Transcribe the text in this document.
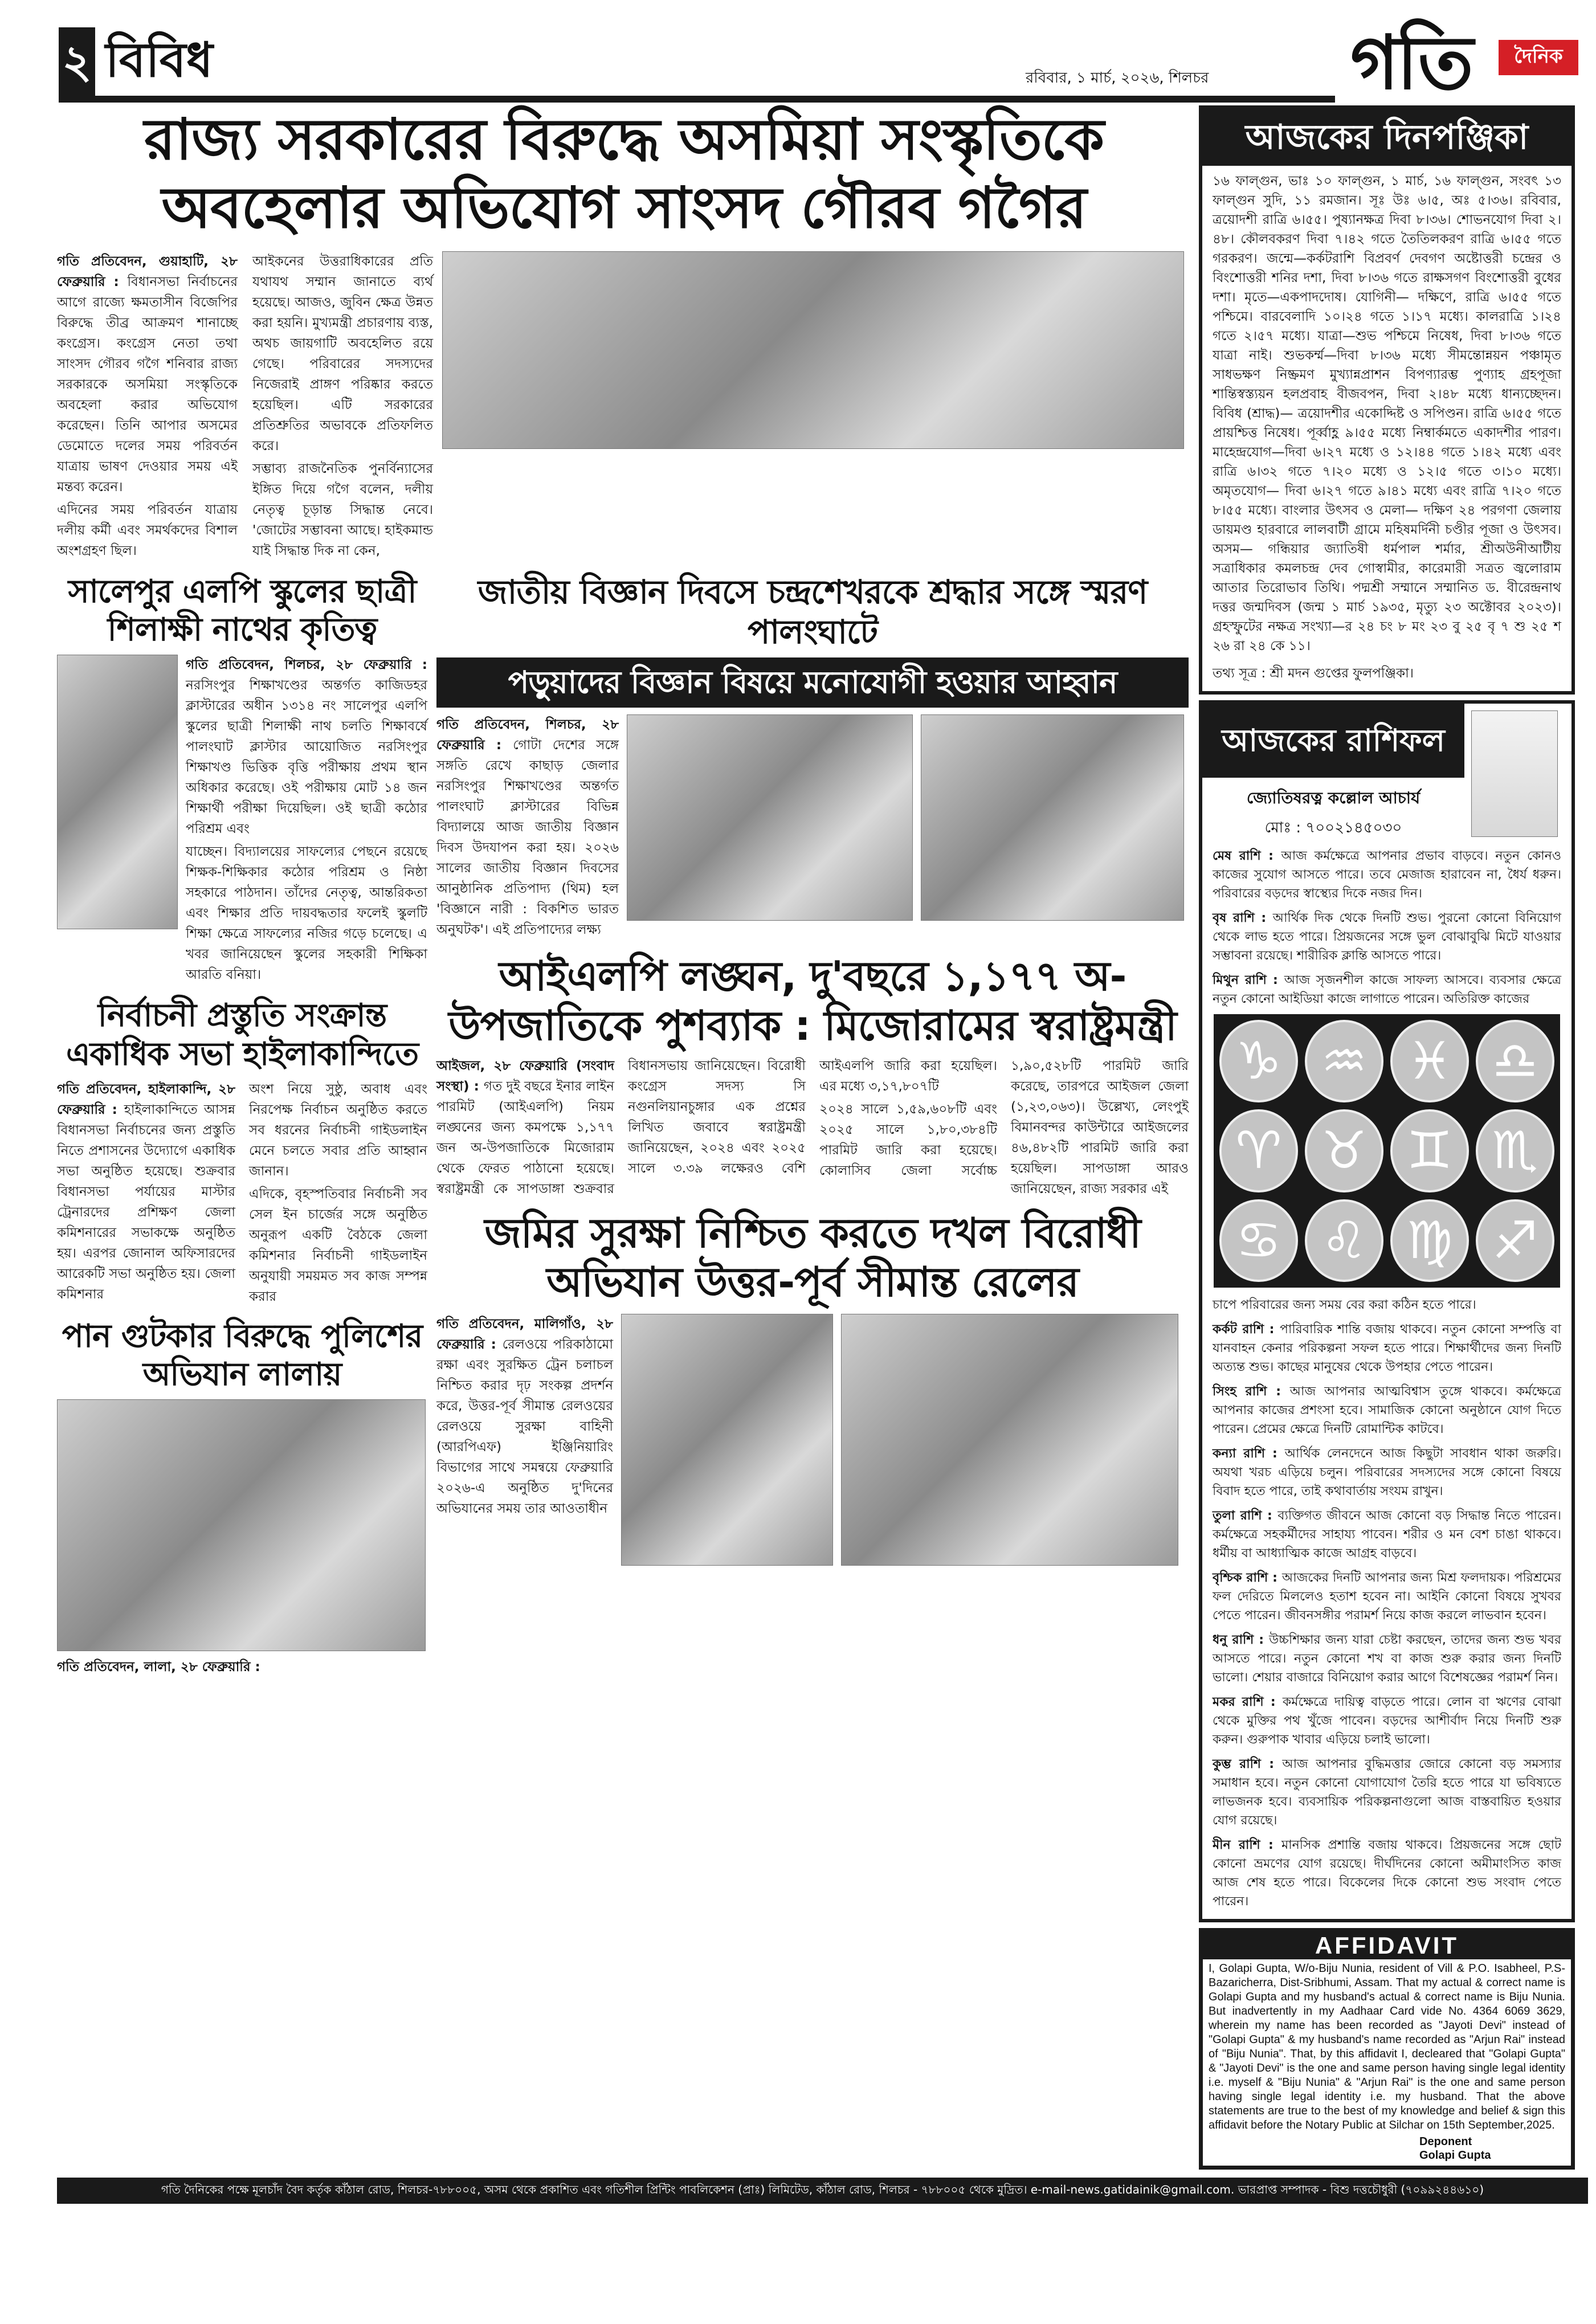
২ বিবিধ	রবিবার, ১ মার্চ, ২০২৬, শিলচর গতি	দৈনিক
রাজ্য সরকারের বিরুদ্ধে অসমিয়া সংস্কৃতিকে
অবহেলার অভিযোগ সাংসদ গৌরব গগৈর

গতি প্রতিবেদন, গুয়াহাটি, ২৮ ফেব্রুয়ারি : বিধানসভা নির্বাচনের আগে রাজ্যে ক্ষমতাসীন বিজেপির বিরুদ্ধে তীব্র আক্রমণ শানাচ্ছে কংগ্রেস। কংগ্রেস নেতা তথা সাংসদ গৌরব গগৈ শনিবার রাজ্য সরকারকে অসমিয়া সংস্কৃতিকে অবহেলা করার অভিযোগ করেছেন। তিনি আপার অসমের ডেমোতে দলের সময় পরিবর্তন যাত্রায় ভাষণ দেওয়ার সময় এই মন্তব্য করেন।

এদিনের সময় পরিবর্তন যাত্রায় দলীয় কর্মী এবং সমর্থকদের বিশাল অংশগ্রহণ ছিল।

আইকনের উত্তরাধিকারের প্রতি যথাযথ সম্মান জানাতে ব্যর্থ হয়েছে। আজও, জুবিন ক্ষেত্র উন্নত করা হয়নি। মুখ্যমন্ত্রী প্রচারণায় ব্যস্ত, অথচ জায়গাটি অবহেলিত রয়ে গেছে। পরিবারের সদস্যদের নিজেরাই প্রাঙ্গণ পরিষ্কার করতে হয়েছিল। এটি সরকারের প্রতিশ্রুতির অভাবকে প্রতিফলিত করে।

সম্ভাব্য রাজনৈতিক পুনর্বিন্যাসের ইঙ্গিত দিয়ে গগৈ বলেন, দলীয় নেতৃত্ব চূড়ান্ত সিদ্ধান্ত নেবে। 'জোটের সম্ভাবনা আছে। হাইকমান্ড যাই সিদ্ধান্ত দিক না কেন,

সালেপুর এলপি স্কুলের ছাত্রী শিলাক্ষী নাথের কৃতিত্ব

গতি প্রতিবেদন, শিলচর, ২৮ ফেব্রুয়ারি : নরসিংপুর শিক্ষাখণ্ডের অন্তর্গত কাজিডহর ক্লাস্টারের অধীন ১৩১৪ নং সালেপুর এলপি স্কুলের ছাত্রী শিলাক্ষী নাথ চলতি শিক্ষাবর্ষে পালংঘাট ক্লাস্টার আয়োজিত নরসিংপুর শিক্ষাখণ্ড ভিত্তিক বৃত্তি পরীক্ষায় প্রথম স্থান অধিকার করেছে। ওই পরীক্ষায় মোট ১৪ জন শিক্ষার্থী পরীক্ষা দিয়েছিল। ওই ছাত্রী কঠোর পরিশ্রম এবং

যাচ্ছেন। বিদ্যালয়ের সাফল্যের পেছনে রয়েছে শিক্ষক-শিক্ষিকার কঠোর পরিশ্রম ও নিষ্ঠা সহকারে পাঠদান। তাঁদের নেতৃত্ব, আন্তরিকতা এবং শিক্ষার প্রতি দায়বদ্ধতার ফলেই স্কুলটি শিক্ষা ক্ষেত্রে সাফল্যের নজির গড়ে চলেছে। এ খবর জানিয়েছেন স্কুলের সহকারী শিক্ষিকা আরতি বনিয়া।

নির্বাচনী প্রস্তুতি সংক্রান্ত একাধিক সভা হাইলাকান্দিতে

গতি প্রতিবেদন, হাইলাকান্দি, ২৮ ফেব্রুয়ারি : হাইলাকান্দিতে আসন্ন বিধানসভা নির্বাচনের জন্য প্রস্তুতি নিতে প্রশাসনের উদ্যোগে একাধিক সভা অনুষ্ঠিত হয়েছে। শুক্রবার বিধানসভা পর্যায়ের মাস্টার ট্রেনারদের প্রশিক্ষণ জেলা কমিশনারের সভাকক্ষে অনুষ্ঠিত হয়। এরপর জোনাল অফিসারদের আরেকটি সভা অনুষ্ঠিত হয়। জেলা কমিশনার

অংশ নিয়ে সুষ্ঠু, অবাধ এবং নিরপেক্ষ নির্বাচন অনুষ্ঠিত করতে সব ধরনের নির্বাচনী গাইডলাইন মেনে চলতে সবার প্রতি আহ্বান জানান।

এদিকে, বৃহস্পতিবার নির্বাচনী সব সেল ইন চার্জের সঙ্গে অনুষ্ঠিত অনুরূপ একটি বৈঠকে জেলা কমিশনার নির্বাচনী গাইডলাইন অনুযায়ী সময়মত সব কাজ সম্পন্ন করার

পান গুটকার বিরুদ্ধে পুলিশের অভিযান লালায়
গতি প্রতিবেদন, লালা, ২৮ ফেব্রুয়ারি :
জাতীয় বিজ্ঞান দিবসে চন্দ্রশেখরকে শ্রদ্ধার সঙ্গে স্মরণ পালংঘাটে
পড়ুয়াদের বিজ্ঞান বিষয়ে মনোযোগী হওয়ার আহ্বান

গতি প্রতিবেদন, শিলচর, ২৮ ফেব্রুয়ারি : গোটা দেশের সঙ্গে সঙ্গতি রেখে কাছাড় জেলার নরসিংপুর শিক্ষাখণ্ডের অন্তর্গত পালংঘাট ক্লাস্টারের বিভিন্ন বিদ্যালয়ে আজ জাতীয় বিজ্ঞান দিবস উদযাপন করা হয়। ২০২৬ সালের জাতীয় বিজ্ঞান দিবসের আনুষ্ঠানিক প্রতিপাদ্য (থিম) হল 'বিজ্ঞানে নারী : বিকশিত ভারত অনুঘটক'। এই প্রতিপাদ্যের লক্ষ্য

আইএলপি লঙ্ঘন, দু'বছরে ১,১৭৭ অ-
উপজাতিকে পুশব্যাক : মিজোরামের স্বরাষ্ট্রমন্ত্রী

আইজল, ২৮ ফেব্রুয়ারি (সংবাদ সংস্থা) : গত দুই বছরে ইনার লাইন পারমিট (আইএলপি) নিয়ম লঙ্ঘনের জন্য কমপক্ষে ১,১৭৭ জন অ-উপজাতিকে মিজোরাম থেকে ফেরত পাঠানো হয়েছে। স্বরাষ্ট্রমন্ত্রী কে সাপডাঙ্গা শুক্রবার বিধানসভায় জানিয়েছেন। বিরোধী কংগ্রেস সদস্য সি নগুনলিয়ানচুঙ্গার এক প্রশ্নের লিখিত জবাবে স্বরাষ্ট্রমন্ত্রী জানিয়েছেন, ২০২৪ এবং ২০২৫ সালে ৩.৩৯ লক্ষেরও বেশি আইএলপি জারি করা হয়েছিল। এর মধ্যে ৩,১৭,৮০৭টি

২০২৪ সালে ১,৫৯,৬০৮টি এবং ২০২৫ সালে ১,৮০,৩৮৪টি পারমিট জারি করা হয়েছে। কোলাসিব জেলা সর্বোচ্চ ১,৯০,৫২৮টি পারমিট জারি করেছে, তারপরে আইজল জেলা (১,২৩,০৬৩)। উল্লেখ্য, লেংপুই বিমানবন্দর কাউন্টারে আইজলের ৪৬,৪৮২টি পারমিট জারি করা হয়েছিল। সাপডাঙ্গা আরও জানিয়েছেন, রাজ্য সরকার এই

জমির সুরক্ষা নিশ্চিত করতে দখল বিরোধী
অভিযান উত্তর-পূর্ব সীমান্ত রেলের

গতি প্রতিবেদন, মালিগাঁও, ২৮ ফেব্রুয়ারি : রেলওয়ে পরিকাঠামো রক্ষা এবং সুরক্ষিত ট্রেন চলাচল নিশ্চিত করার দৃঢ় সংকল্প প্রদর্শন করে, উত্তর-পূর্ব সীমান্ত রেলওয়ের রেলওয়ে সুরক্ষা বাহিনী (আরপিএফ) ইঞ্জিনিয়ারিং বিভাগের সাথে সমন্বয়ে ফেব্রুয়ারি ২০২৬-এ অনুষ্ঠিত দু'দিনের অভিযানের সময় তার আওতাধীন

আজকের দিনপঞ্জিকা

১৬ ফাল্গুন, ভাঃ ১০ ফাল্গুন, ১ মার্চ, ১৬ ফাল্গুন, সংবৎ ১৩ ফাল্গুন সুদি, ১১ রমজান। সূঃ উঃ ৬।৫, অঃ ৫।৩৬। রবিবার, ত্রয়োদশী রাত্রি ৬।৫৫। পুষ্যানক্ষত্র দিবা ৮।৩৬। শোভনযোগ দিবা ২।৪৮। কৌলবকরণ দিবা ৭।৪২ গতে তৈতিলকরণ রাত্রি ৬।৫৫ গতে গরকরণ। জন্মে—কর্কটরাশি বিপ্রবর্ণ দেবগণ অষ্টোত্তরী চন্দ্রের ও বিংশোত্তরী শনির দশা, দিবা ৮।৩৬ গতে রাক্ষসগণ বিংশোত্তরী বুধের দশা। মৃতে—একপাদদোষ। যোগিনী— দক্ষিণে, রাত্রি ৬।৫৫ গতে পশ্চিমে। বারবেলাদি ১০।২৪ গতে ১।১৭ মধ্যে। কালরাত্রি ১।২৪ গতে ২।৫৭ মধ্যে। যাত্রা—শুভ পশ্চিমে নিষেধ, দিবা ৮।৩৬ গতে যাত্রা নাই। শুভকর্ম্ম—দিবা ৮।৩৬ মধ্যে সীমন্তোন্নয়ন পঞ্চামৃত সাধভক্ষণ নিষ্ক্রমণ মুখ্যান্নপ্রাশন বিপণ্যারম্ভ পুণ্যাহ গ্রহপূজা শান্তিস্বস্ত্যয়ন হলপ্রবাহ বীজবপন, দিবা ২।৪৮ মধ্যে ধান্যচ্ছেদন। বিবিধ (শ্রাদ্ধ)— ত্রয়োদশীর একোদ্দিষ্ট ও সপিণ্ডন। রাত্রি ৬।৫৫ গতে প্রায়শ্চিত্ত নিষেধ। পূর্ব্বাহ্ণ ৯।৫৫ মধ্যে নিম্বার্কমতে একাদশীর পারণ। মাহেন্দ্রযোগ—দিবা ৬।২৭ মধ্যে ও ১২।৪৪ গতে ১।৪২ মধ্যে এবং রাত্রি ৬।৩২ গতে ৭।২০ মধ্যে ও ১২।৫ গতে ৩।১০ মধ্যে। অমৃতযোগ— দিবা ৬।২৭ গতে ৯।৪১ মধ্যে এবং রাত্রি ৭।২০ গতে ৮।৫৫ মধ্যে। বাংলার উৎসব ও মেলা— দক্ষিণ ২৪ পরগণা জেলায় ডায়মণ্ড হারবারে লালবাটী গ্রামে মহিষমর্দিনী চণ্ডীর পূজা ও উৎসব। অসম— গন্ধিয়ার জ্যাতিষী ধর্মপাল শর্মার, শ্রীঅউনীআটীয় সত্রাধিকার কমলচন্দ্র দেব গোস্বামীর, কারেমারী সত্রত জ্বলোরাম আতার তিরোভাব তিথি। পদ্মশ্রী সম্মানে সম্মানিত ড. বীরেন্দ্রনাথ দত্তর জন্মদিবস (জন্ম ১ মার্চ ১৯৩৫, মৃত্যু ২৩ অক্টোবর ২০২৩)। গ্রহস্ফুটের নক্ষত্র সংখ্যা—র ২৪ চং ৮ মং ২৩ বু ২৫ বৃ ৭ শু ২৫ শ ২৬ রা ২৪ কে ১১।

তথ্য সূত্র : শ্রী মদন গুপ্তের ফুলপঞ্জিকা।

আজকের রাশিফল
জ্যোতিষরত্ন কল্লোল আচার্য
মোঃ : ৭০০২১৪৫০৩০

মেষ রাশি : আজ কর্মক্ষেত্রে আপনার প্রভাব বাড়বে। নতুন কোনও কাজের সুযোগ আসতে পারে। তবে মেজাজ হারাবেন না, ধৈর্য ধরুন। পরিবারের বড়দের স্বাস্থ্যের দিকে নজর দিন।

বৃষ রাশি : আর্থিক দিক থেকে দিনটি শুভ। পুরনো কোনো বিনিয়োগ থেকে লাভ হতে পারে। প্রিয়জনের সঙ্গে ভুল বোঝাবুঝি মিটে যাওয়ার সম্ভাবনা রয়েছে। শারীরিক ক্লান্তি আসতে পারে।

মিথুন রাশি : আজ সৃজনশীল কাজে সাফল্য আসবে। ব্যবসার ক্ষেত্রে নতুন কোনো আইডিয়া কাজে লাগাতে পারেন। অতিরিক্ত কাজের

♑ ♒ ♓ ♎
♈ ♉ ♊ ♏
♋ ♌ ♍ ♐

চাপে পরিবারের জন্য সময় বের করা কঠিন হতে পারে।

কর্কট রাশি : পারিবারিক শান্তি বজায় থাকবে। নতুন কোনো সম্পত্তি বা যানবাহন কেনার পরিকল্পনা সফল হতে পারে। শিক্ষার্থীদের জন্য দিনটি অত্যন্ত শুভ। কাছের মানুষের থেকে উপহার পেতে পারেন।

সিংহ রাশি : আজ আপনার আত্মবিশ্বাস তুঙ্গে থাকবে। কর্মক্ষেত্রে আপনার কাজের প্রশংসা হবে। সামাজিক কোনো অনুষ্ঠানে যোগ দিতে পারেন। প্রেমের ক্ষেত্রে দিনটি রোমান্টিক কাটবে।

কন্যা রাশি : আর্থিক লেনদেনে আজ কিছুটা সাবধান থাকা জরুরি। অযথা খরচ এড়িয়ে চলুন। পরিবারের সদস্যদের সঙ্গে কোনো বিষয়ে বিবাদ হতে পারে, তাই কথাবার্তায় সংযম রাখুন।

তুলা রাশি : ব্যক্তিগত জীবনে আজ কোনো বড় সিদ্ধান্ত নিতে পারেন। কর্মক্ষেত্রে সহকর্মীদের সাহায্য পাবেন। শরীর ও মন বেশ চাঙা থাকবে। ধর্মীয় বা আধ্যাত্মিক কাজে আগ্রহ বাড়বে।

বৃশ্চিক রাশি : আজকের দিনটি আপনার জন্য মিশ্র ফলদায়ক। পরিশ্রমের ফল দেরিতে মিললেও হতাশ হবেন না। আইনি কোনো বিষয়ে সুখবর পেতে পারেন। জীবনসঙ্গীর পরামর্শ নিয়ে কাজ করলে লাভবান হবেন।

ধনু রাশি : উচ্চশিক্ষার জন্য যারা চেষ্টা করছেন, তাদের জন্য শুভ খবর আসতে পারে। নতুন কোনো শখ বা কাজ শুরু করার জন্য দিনটি ভালো। শেয়ার বাজারে বিনিয়োগ করার আগে বিশেষজ্ঞের পরামর্শ নিন।

মকর রাশি : কর্মক্ষেত্রে দায়িত্ব বাড়তে পারে। লোন বা ঋণের বোঝা থেকে মুক্তির পথ খুঁজে পাবেন। বড়দের আশীর্বাদ নিয়ে দিনটি শুরু করুন। গুরুপাক খাবার এড়িয়ে চলাই ভালো।

কুম্ভ রাশি : আজ আপনার বুদ্ধিমত্তার জোরে কোনো বড় সমস্যার সমাধান হবে। নতুন কোনো যোগাযোগ তৈরি হতে পারে যা ভবিষ্যতে লাভজনক হবে। ব্যবসায়িক পরিকল্পনাগুলো আজ বাস্তবায়িত হওয়ার যোগ রয়েছে।

মীন রাশি : মানসিক প্রশান্তি বজায় থাকবে। প্রিয়জনের সঙ্গে ছোট কোনো ভ্রমণের যোগ রয়েছে। দীর্ঘদিনের কোনো অমীমাংসিত কাজ আজ শেষ হতে পারে। বিকেলের দিকে কোনো শুভ সংবাদ পেতে পারেন।

AFFIDAVIT
I, Golapi Gupta, W/o-Biju Nunia, resident of Vill & P.O. Isabheel, P.S-Bazaricherra, Dist-Sribhumi, Assam. That my actual & correct name is Golapi Gupta and my husband's actual & correct name is Biju Nunia. But inadvertently in my Aadhaar Card vide No. 4364 6069 3629, wherein my name has been recorded as "Jayoti Devi" instead of "Golapi Gupta" & my husband's name recorded as "Arjun Rai" instead of "Biju Nunia". That, by this affidavit I, decleared that "Golapi Gupta" & "Jayoti Devi" is the one and same person having single legal identity i.e. myself & "Biju Nunia" & "Arjun Rai" is the one and same person having single legal identity i.e. my husband. That the above statements are true to the best of my knowledge and belief & sign this affidavit before the Notary Public at Silchar on 15th September,2025.
Deponent
Golapi Gupta
গতি দৈনিকের পক্ষে মূলচাঁদ বৈদ কর্তৃক কাঁঠাল রোড, শিলচর-৭৮৮০০৫, অসম থেকে প্রকাশিত এবং গতিশীল প্রিন্টিং পাবলিকেশন (প্রাঃ) লিমিটেড, কাঁঠাল রোড, শিলচর - ৭৮৮০০৫ থেকে মুদ্রিত। e-mail-news.gatidainik@gmail.com. ভারপ্রাপ্ত সম্পাদক - বিশু দত্তচৌধুরী (৭০৯৯২৪৪৬১০)
